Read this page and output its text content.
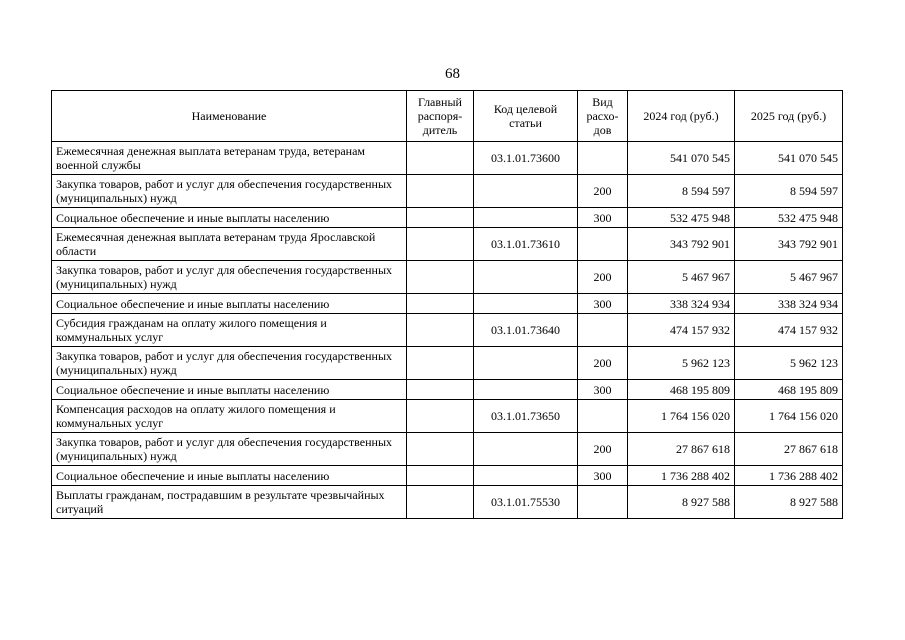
68
Наименование	Главный распоря-дитель	Код целевой статьи	Вид расхо-дов	2024 год (руб.)	2025 год (руб.)
Ежемесячная денежная выплата ветеранам труда, ветеранам военной службы		03.1.01.73600		541 070 545	541 070 545
Закупка товаров, работ и услуг для обеспечения государственных (муниципальных) нужд			200	8 594 597	8 594 597
Социальное обеспечение и иные выплаты населению			300	532 475 948	532 475 948
Ежемесячная денежная выплата ветеранам труда Ярославской области		03.1.01.73610		343 792 901	343 792 901
Закупка товаров, работ и услуг для обеспечения государственных (муниципальных) нужд			200	5 467 967	5 467 967
Социальное обеспечение и иные выплаты населению			300	338 324 934	338 324 934
Субсидия гражданам на оплату жилого помещения и коммунальных услуг		03.1.01.73640		474 157 932	474 157 932
Закупка товаров, работ и услуг для обеспечения государственных (муниципальных) нужд			200	5 962 123	5 962 123
Социальное обеспечение и иные выплаты населению			300	468 195 809	468 195 809
Компенсация расходов на оплату жилого помещения и коммунальных услуг		03.1.01.73650		1 764 156 020	1 764 156 020
Закупка товаров, работ и услуг для обеспечения государственных (муниципальных) нужд			200	27 867 618	27 867 618
Социальное обеспечение и иные выплаты населению			300	1 736 288 402	1 736 288 402
Выплаты гражданам, пострадавшим в результате чрезвычайных ситуаций		03.1.01.75530		8 927 588	8 927 588
